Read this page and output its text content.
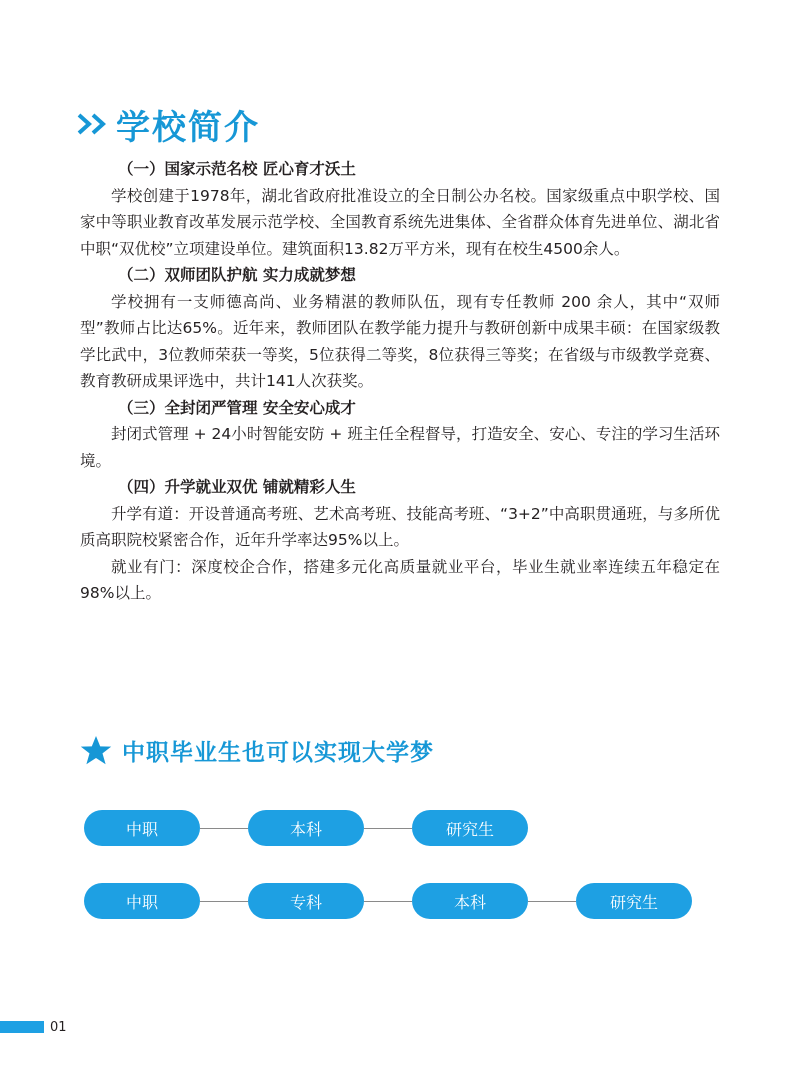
学校简介
（一）国家示范名校 匠心育才沃土

学校创建于1978年，湖北省政府批准设立的全日制公办名校。国家级重点中职学校、国家中等职业教育改革发展示范学校、全国教育系统先进集体、全省群众体育先进单位、湖北省中职“双优校”立项建设单位。建筑面积13.82万平方米，现有在校生4500余人。

（二）双师团队护航 实力成就梦想

学校拥有一支师德高尚、业务精湛的教师队伍，现有专任教师 200 余人，其中“双师型”教师占比达65%。近年来，教师团队在教学能力提升与教研创新中成果丰硕：在国家级教学比武中，3位教师荣获一等奖，5位获得二等奖，8位获得三等奖；在省级与市级教学竞赛、教育教研成果评选中，共计141人次获奖。

（三）全封闭严管理 安全安心成才

封闭式管理 + 24小时智能安防 + 班主任全程督导，打造安全、安心、专注的学习生活环境。

（四）升学就业双优 铺就精彩人生

升学有道：开设普通高考班、艺术高考班、技能高考班、“3+2”中高职贯通班，与多所优质高职院校紧密合作，近年升学率达95%以上。

就业有门：深度校企合作，搭建多元化高质量就业平台，毕业生就业率连续五年稳定在98%以上。

中职毕业生也可以实现大学梦
中职	本科	研究生
中职	专科	本科	研究生
01
